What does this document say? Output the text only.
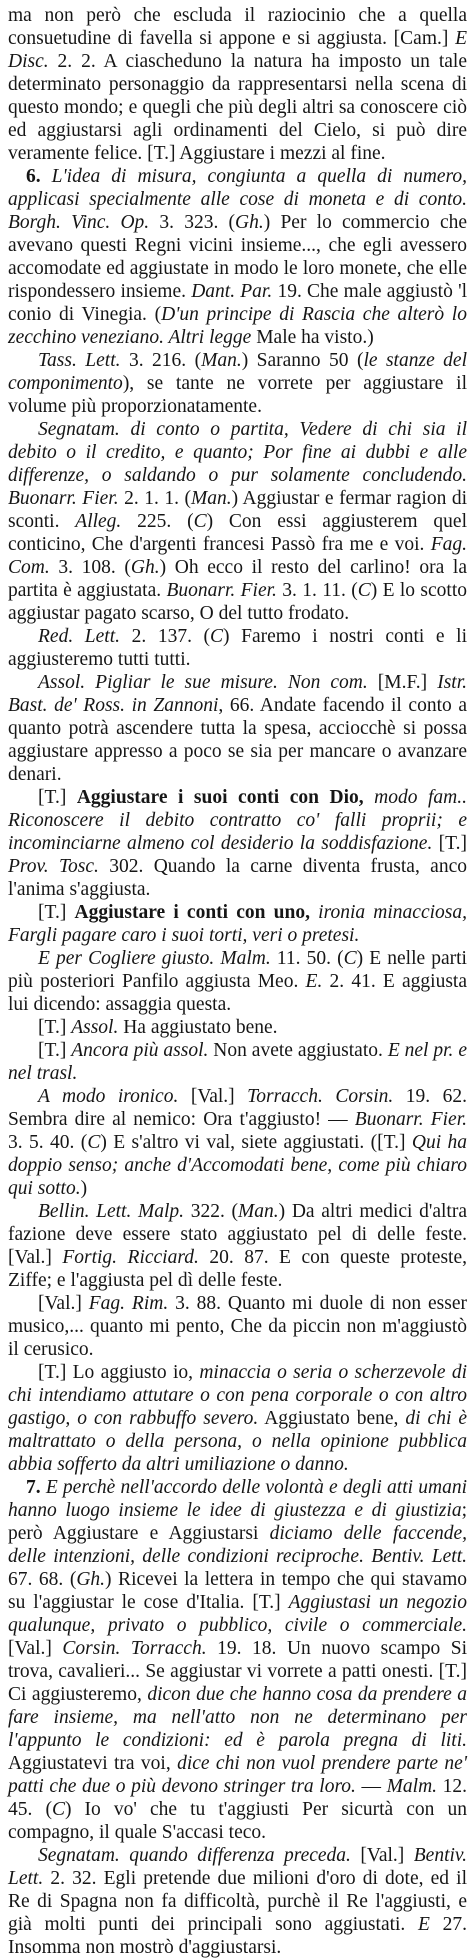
ma non però che escluda il raziocinio che a quella consuetudine di favella si appone e si aggiusta. [Cam.] E Disc. 2. 2. A ciascheduno la natura ha imposto un tale determinato personaggio da rappresentarsi nella scena di questo mondo; e quegli che più degli altri sa conoscere ciò ed aggiustarsi agli ordinamenti del Cielo, si può dire veramente felice. [T.] Aggiustare i mezzi al fine.

6. L'idea di misura, congiunta a quella di numero, applicasi specialmente alle cose di moneta e di conto. Borgh. Vinc. Op. 3. 323. (Gh.) Per lo commercio che avevano questi Regni vicini insieme..., che egli avessero accomodate ed aggiustate in modo le loro monete, che elle rispondessero insieme. Dant. Par. 19. Che male aggiustò 'l conio di Vinegia. (D'un principe di Rascia che alterò lo zecchino veneziano. Altri legge Male ha visto.)

Tass. Lett. 3. 216. (Man.) Saranno 50 (le stanze del componimento), se tante ne vorrete per aggiustare il volume più proporzionatamente.

Segnatam. di conto o partita, Vedere di chi sia il debito o il credito, e quanto; Por fine ai dubbi e alle differenze, o saldando o pur solamente concludendo. Buonarr. Fier. 2. 1. 1. (Man.) Aggiustar e fermar ragion di sconti. Alleg. 225. (C) Con essi aggiusterem quel conticino, Che d'argenti francesi Passò fra me e voi. Fag. Com. 3. 108. (Gh.) Oh ecco il resto del carlino! ora la partita è aggiustata. Buonarr. Fier. 3. 1. 11. (C) E lo scotto aggiustar pagato scarso, O del tutto frodato.

Red. Lett. 2. 137. (C) Faremo i nostri conti e li aggiusteremo tutti tutti.

Assol. Pigliar le sue misure. Non com. [M.F.] Istr. Bast. de' Ross. in Zannoni, 66. Andate facendo il conto a quanto potrà ascendere tutta la spesa, acciocchè si possa aggiustare appresso a poco se sia per mancare o avanzare denari.

[T.] Aggiustare i suoi conti con Dio, modo fam.. Riconoscere il debito contratto co' falli proprii; e incominciarne almeno col desiderio la soddisfazione. [T.] Prov. Tosc. 302. Quando la carne diventa frusta, anco l'anima s'aggiusta.

[T.] Aggiustare i conti con uno, ironia minacciosa, Fargli pagare caro i suoi torti, veri o pretesi.

E per Cogliere giusto. Malm. 11. 50. (C) E nelle parti più posteriori Panfilo aggiusta Meo. E. 2. 41. E aggiusta lui dicendo: assaggia questa.

[T.] Assol. Ha aggiustato bene.

[T.] Ancora più assol. Non avete aggiustato. E nel pr. e nel trasl.

A modo ironico. [Val.] Torracch. Corsin. 19. 62. Sembra dire al nemico: Ora t'aggiusto! — Buonarr. Fier. 3. 5. 40. (C) E s'altro vi val, siete aggiustati. ([T.] Qui ha doppio senso; anche d'Accomodati bene, come più chiaro qui sotto.)

Bellin. Lett. Malp. 322. (Man.) Da altri medici d'altra fazione deve essere stato aggiustato pel di delle feste. [Val.] Fortig. Ricciard. 20. 87. E con queste proteste, Ziffe; e l'aggiusta pel dì delle feste.

[Val.] Fag. Rim. 3. 88. Quanto mi duole di non esser musico,... quanto mi pento, Che da piccin non m'aggiustò il cerusico.

[T.] Lo aggiusto io, minaccia o seria o scherzevole di chi intendiamo attutare o con pena corporale o con altro gastigo, o con rabbuffo severo. Aggiustato bene, di chi è maltrattato o della persona, o nella opinione pubblica abbia sofferto da altri umiliazione o danno.

7. E perchè nell'accordo delle volontà e degli atti umani hanno luogo insieme le idee di giustezza e di giustizia; però Aggiustare e Aggiustarsi diciamo delle faccende, delle intenzioni, delle condizioni reciproche. Bentiv. Lett. 67. 68. (Gh.) Ricevei la lettera in tempo che qui stavamo su l'aggiustar le cose d'Italia. [T.] Aggiustasi un negozio qualunque, privato o pubblico, civile o commerciale. [Val.] Corsin. Torracch. 19. 18. Un nuovo scampo Si trova, cavalieri... Se aggiustar vi vorrete a patti onesti. [T.] Ci aggiusteremo, dicon due che hanno cosa da prendere a fare insieme, ma nell'atto non ne determinano per l'appunto le condizioni: ed è parola pregna di liti. Aggiustatevi tra voi, dice chi non vuol prendere parte ne' patti che due o più devono stringer tra loro. — Malm. 12. 45. (C) Io vo' che tu t'aggiusti Per sicurtà con un compagno, il quale S'accasi teco.

Segnatam. quando differenza preceda. [Val.] Bentiv. Lett. 2. 32. Egli pretende due milioni d'oro di dote, ed il Re di Spagna non fa difficoltà, purchè il Re l'aggiusti, e già molti punti dei principali sono aggiustati. E 27. Insomma non mostrò d'aggiustarsi.
